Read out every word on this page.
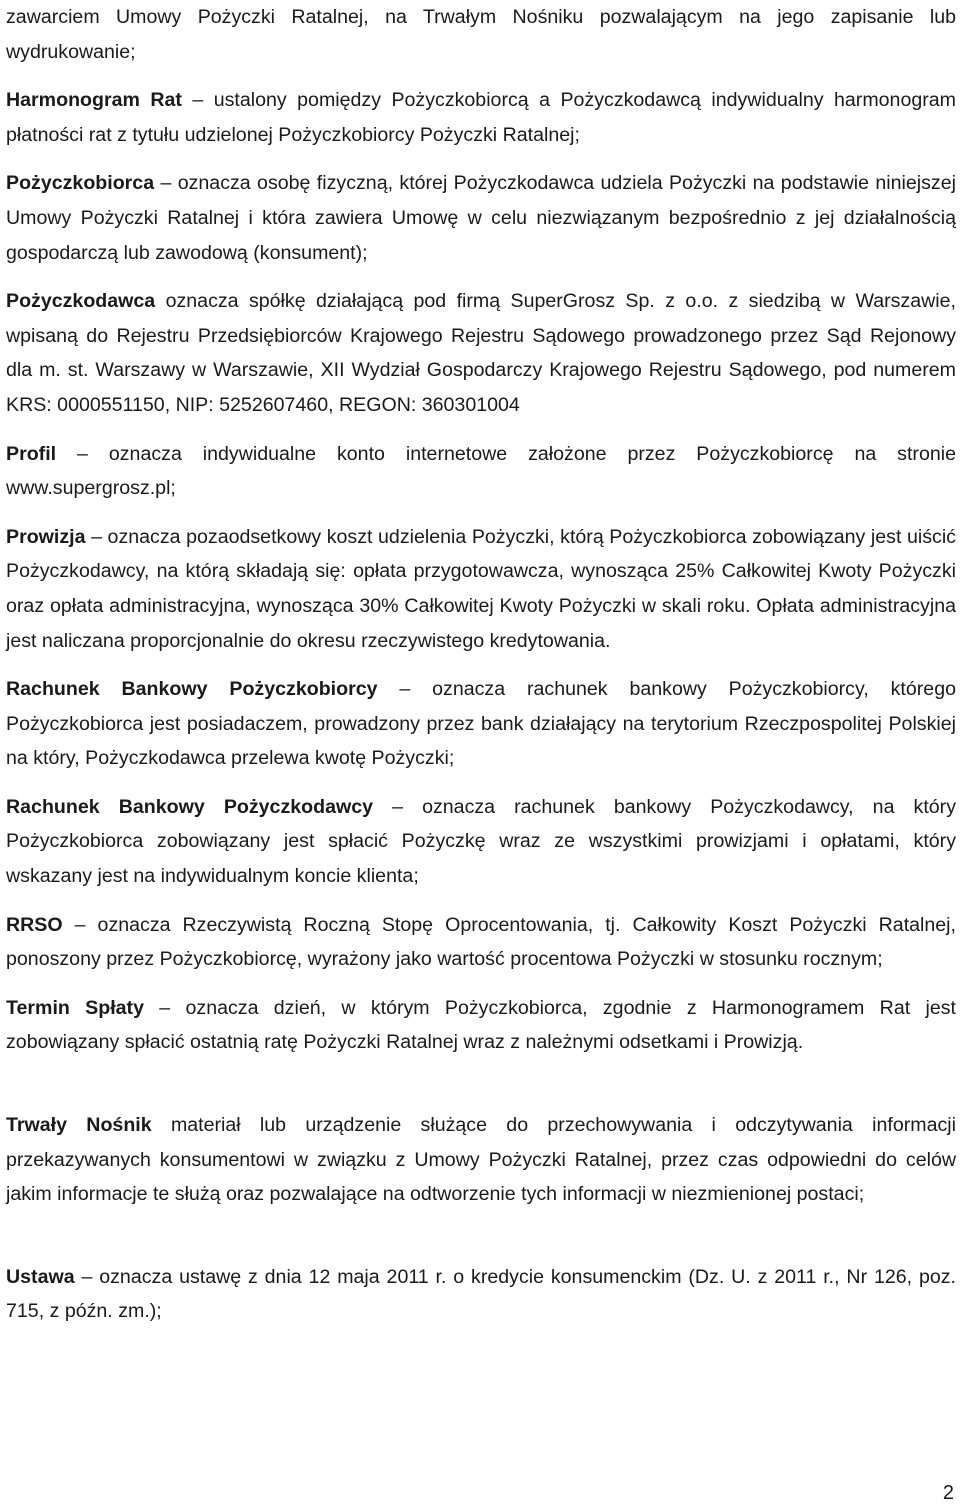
zawarciem Umowy Pożyczki Ratalnej, na Trwałym Nośniku pozwalającym na jego zapisanie lub wydrukowanie;

Harmonogram Rat – ustalony pomiędzy Pożyczkobiorcą a Pożyczkodawcą indywidualny harmonogram płatności rat z tytułu udzielonej Pożyczkobiorcy Pożyczki Ratalnej;

Pożyczkobiorca – oznacza osobę fizyczną, której Pożyczkodawca udziela Pożyczki na podstawie niniejszej Umowy Pożyczki Ratalnej i która zawiera Umowę w celu niezwiązanym bezpośrednio z jej działalnością gospodarczą lub zawodową (konsument);

Pożyczkodawca oznacza spółkę działającą pod firmą SuperGrosz Sp. z o.o. z siedzibą w Warszawie, wpisaną do Rejestru Przedsiębiorców Krajowego Rejestru Sądowego prowadzonego przez Sąd Rejonowy dla m. st. Warszawy w Warszawie, XII Wydział Gospodarczy Krajowego Rejestru Sądowego, pod numerem KRS: 0000551150, NIP: 5252607460, REGON: 360301004

Profil – oznacza indywidualne konto internetowe założone przez Pożyczkobiorcę na stronie www.supergrosz.pl;

Prowizja – oznacza pozaodsetkowy koszt udzielenia Pożyczki, którą Pożyczkobiorca zobowiązany jest uiścić Pożyczkodawcy, na którą składają się: opłata przygotowawcza, wynosząca 25% Całkowitej Kwoty Pożyczki oraz opłata administracyjna, wynosząca 30% Całkowitej Kwoty Pożyczki w skali roku. Opłata administracyjna jest naliczana proporcjonalnie do okresu rzeczywistego kredytowania.

Rachunek Bankowy Pożyczkobiorcy – oznacza rachunek bankowy Pożyczkobiorcy, którego Pożyczkobiorca jest posiadaczem, prowadzony przez bank działający na terytorium Rzeczpospolitej Polskiej na który, Pożyczkodawca przelewa kwotę Pożyczki;

Rachunek Bankowy Pożyczkodawcy – oznacza rachunek bankowy Pożyczkodawcy, na który Pożyczkobiorca zobowiązany jest spłacić Pożyczkę wraz ze wszystkimi prowizjami i opłatami, który wskazany jest na indywidualnym koncie klienta;

RRSO – oznacza Rzeczywistą Roczną Stopę Oprocentowania, tj. Całkowity Koszt Pożyczki Ratalnej, ponoszony przez Pożyczkobiorcę, wyrażony jako wartość procentowa Pożyczki w stosunku rocznym;

Termin Spłaty – oznacza dzień, w którym Pożyczkobiorca, zgodnie z Harmonogramem Rat jest zobowiązany spłacić ostatnią ratę Pożyczki Ratalnej wraz z należnymi odsetkami i Prowizją.

Trwały Nośnik materiał lub urządzenie służące do przechowywania i odczytywania informacji przekazywanych konsumentowi w związku z Umowy Pożyczki Ratalnej, przez czas odpowiedni do celów jakim informacje te służą oraz pozwalające na odtworzenie tych informacji w niezmienionej postaci;

Ustawa – oznacza ustawę z dnia 12 maja 2011 r. o kredycie konsumenckim (Dz. U. z 2011 r., Nr 126, poz. 715, z późn. zm.);

2
